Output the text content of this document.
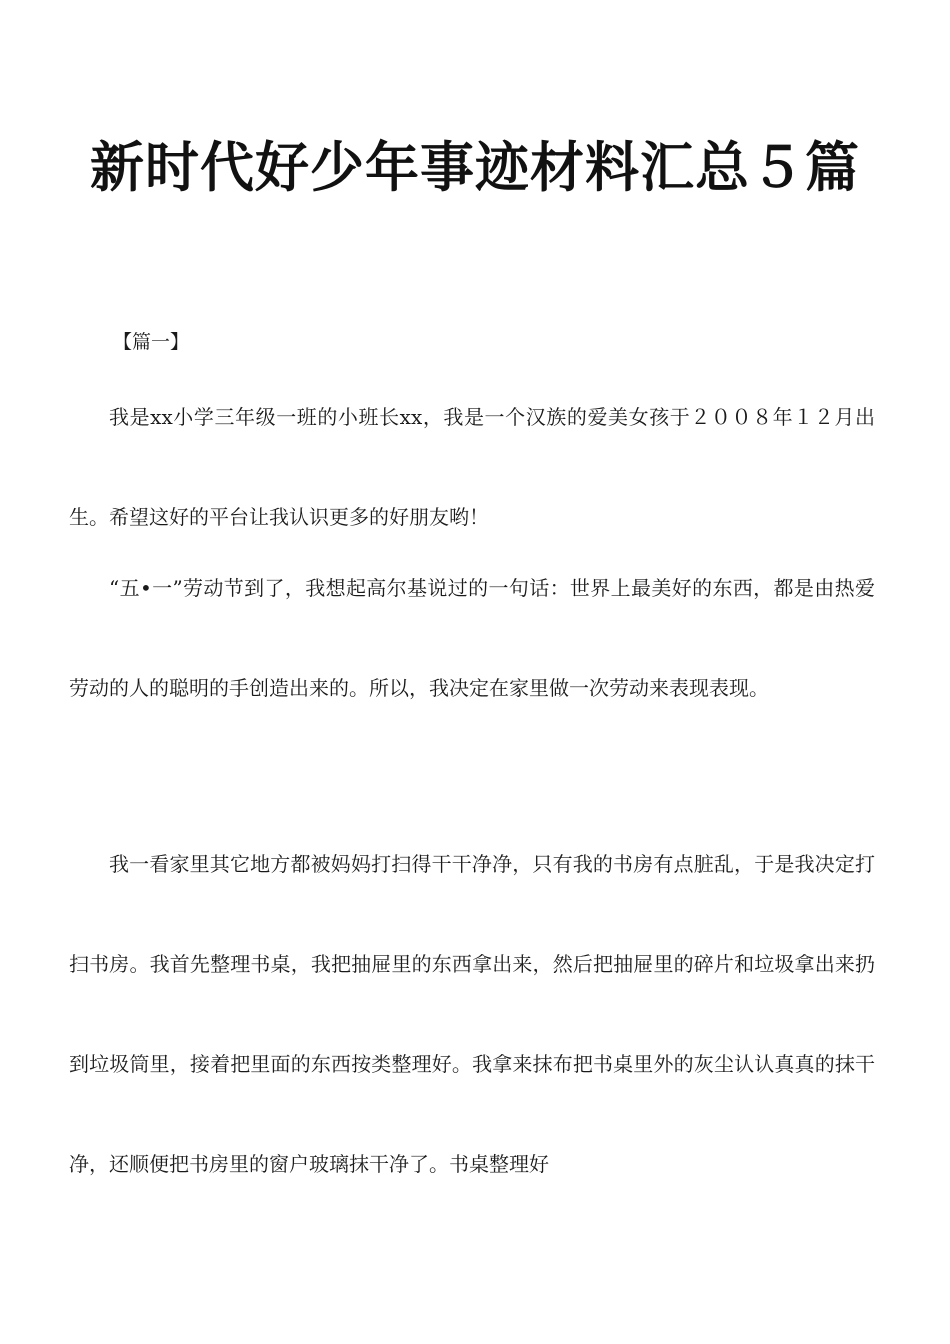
新时代好少年事迹材料汇总５篇

【篇一】

我是xx小学三年级一班的小班长xx，我是一个汉族的爱美女孩于２００８年１２月出生。希望这好的平台让我认识更多的好朋友哟！

“五•一”劳动节到了，我想起高尔基说过的一句话：世界上最美好的东西，都是由热爱劳动的人的聪明的手创造出来的。所以，我决定在家里做一次劳动来表现表现。

我一看家里其它地方都被妈妈打扫得干干净净，只有我的书房有点脏乱，于是我决定打扫书房。我首先整理书桌，我把抽屉里的东西拿出来，然后把抽屉里的碎片和垃圾拿出来扔到垃圾筒里，接着把里面的东西按类整理好。我拿来抹布把书桌里外的灰尘认认真真的抹干净，还顺便把书房里的窗户玻璃抹干净了。书桌整理好
